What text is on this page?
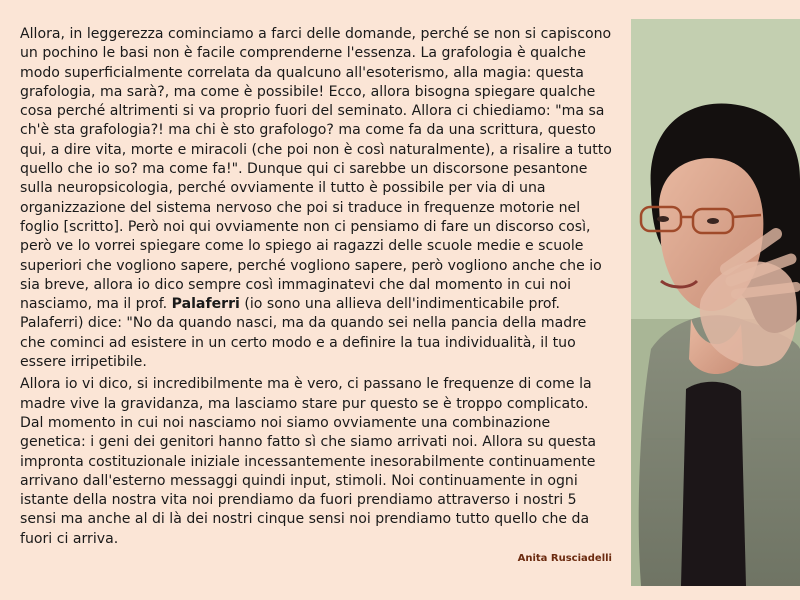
Allora, in leggerezza cominciamo a farci delle domande, perché se non si capiscono un pochino le basi non è facile comprenderne l'essenza. La grafologia è qualche modo superficialmente correlata da qualcuno all'esoterismo, alla magia: questa grafologia, ma sarà?, ma come è possibile! Ecco, allora bisogna spiegare qualche cosa perché altrimenti si va proprio fuori del seminato. Allora ci chiediamo: "ma sa ch'è sta grafologia?! ma chi è sto grafologo? ma come fa da una scrittura, questo qui, a dire vita, morte e miracoli (che poi non è così naturalmente), a risalire a tutto quello che io so? ma come fa!". Dunque qui ci sarebbe un discorsone pesantone sulla neuropsicologia, perché ovviamente il tutto è possibile per via di una organizzazione del sistema nervoso che poi si traduce in frequenze motorie nel foglio [scritto]. Però noi qui ovviamente non ci pensiamo di fare un discorso così, però ve lo vorrei spiegare come lo spiego ai ragazzi delle scuole medie e scuole superiori che vogliono sapere, perché vogliono sapere, però vogliono anche che io sia breve, allora io dico sempre così immaginatevi che dal momento in cui noi nasciamo, ma il prof. Palaferri (io sono una allieva dell'indimenticabile prof. Palaferri) dice: "No da quando nasci, ma da quando sei nella pancia della madre che cominci ad esistere in un certo modo e a definire la tua individualità, il tuo essere irripetibile.

Allora io vi dico, si incredibilmente ma è vero, ci passano le frequenze di come la madre vive la gravidanza, ma lasciamo stare pur questo se è troppo complicato. Dal momento in cui noi nasciamo noi siamo ovviamente una combinazione genetica: i geni dei genitori hanno fatto sì che siamo arrivati noi. Allora su questa impronta costituzionale iniziale incessantemente inesorabilmente continuamente arrivano dall'esterno messaggi quindi input, stimoli. Noi continuamente in ogni istante della nostra vita noi prendiamo da fuori prendiamo attraverso i nostri 5 sensi ma anche al di là dei nostri cinque sensi noi prendiamo tutto quello che da fuori ci arriva.

Anita Rusciadelli
